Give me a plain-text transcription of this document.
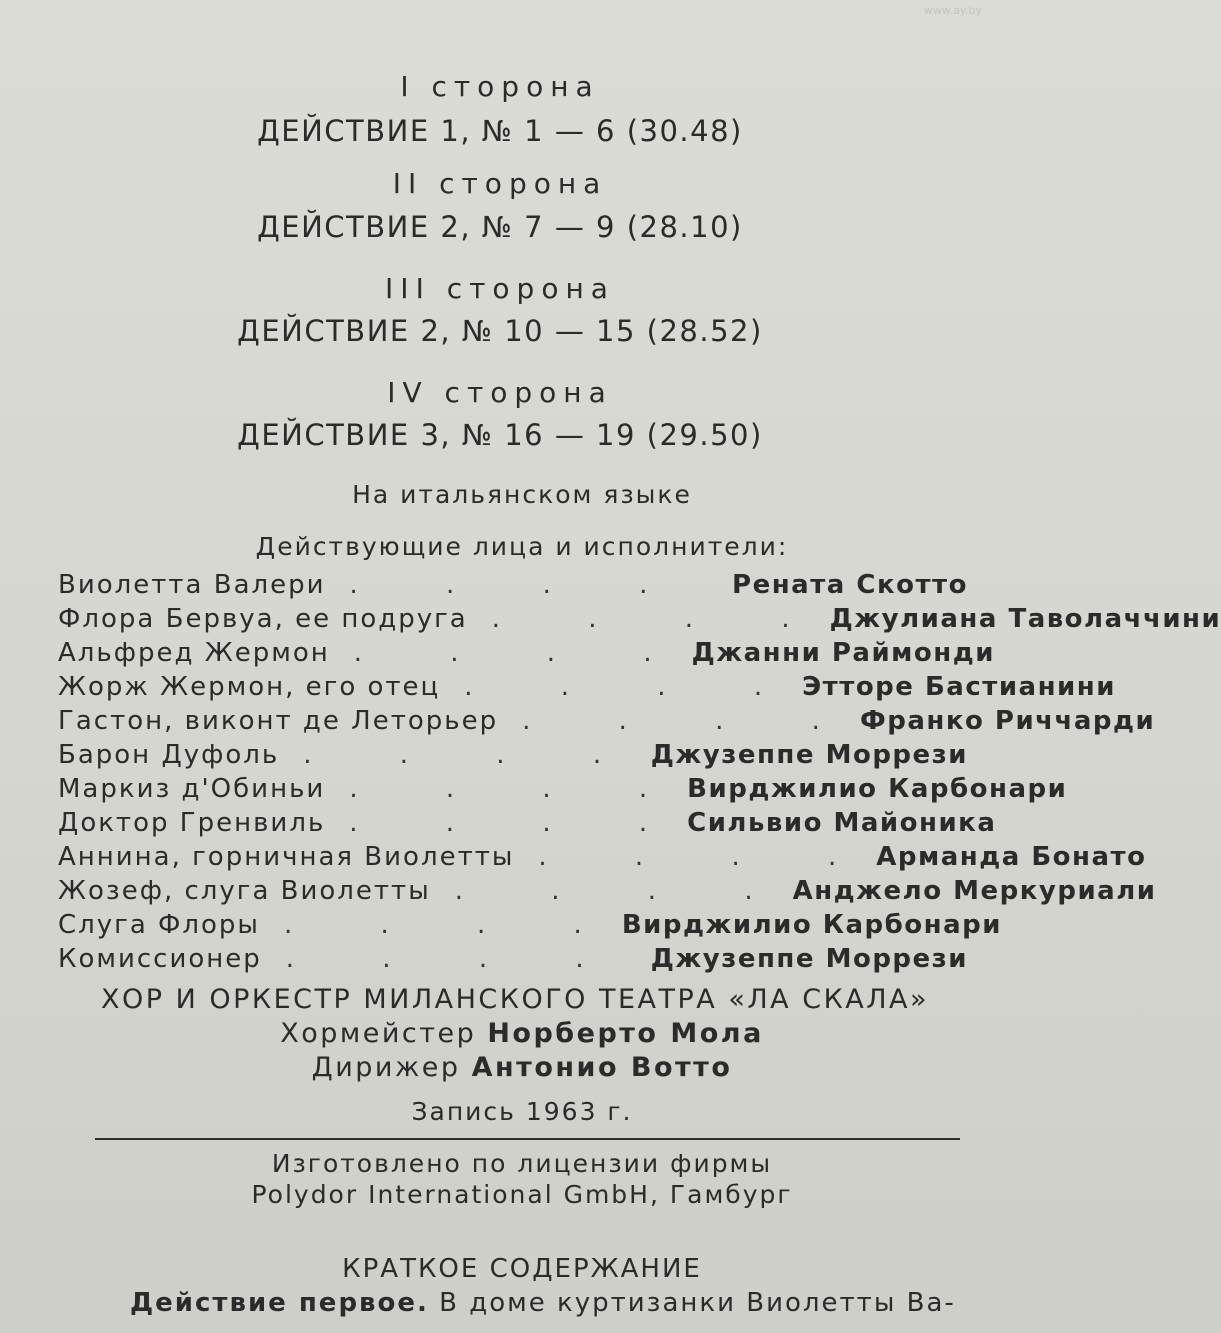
www.ay.by
I сторона
ДЕЙСТВИЕ 1, № 1 — 6 (30.48)
II сторона
ДЕЙСТВИЕ 2, № 7 — 9 (28.10)
III сторона
ДЕЙСТВИЕ 2, № 10 — 15 (28.52)
IV сторона
ДЕЙСТВИЕ 3, № 16 — 19 (29.50)
На итальянском языке
Действующие лица и исполнители:
Виолетта Валери . . . .	Рената Скотто
Флора Бервуа, ее подруга . . . . Джулиана Таволаччини
Альфред Жермон . . . . Джанни Раймонди
Жорж Жермон, его отец . . . . Этторе Бастианини
Гастон, виконт де Леторьер . . . . Франко Риччарди
Барон Дуфоль . . . . Джузеппе Моррези
Маркиз д'Обиньи . . . . Вирджилио Карбонари
Доктор Гренвиль . . . . Сильвио Майоника
Аннина, горничная Виолетты . . . . Арманда Бонато
Жозеф, слуга Виолетты . . . . Анджело Меркуриали
Слуга Флоры . . . . Вирджилио Карбонари
Комиссионер . . . .	Джузеппе Моррези
ХОР И ОРКЕСТР МИЛАНСКОГО ТЕАТРА «ЛА СКАЛА»
Хормейстер Норберто Мола
Дирижер Антонио Вотто
Запись 1963 г.
Изготовлено по лицензии фирмы
Polydor International GmbH, Гамбург
КРАТКОЕ СОДЕРЖАНИЕ
Действие первое. В доме куртизанки Виолетты Ва-
